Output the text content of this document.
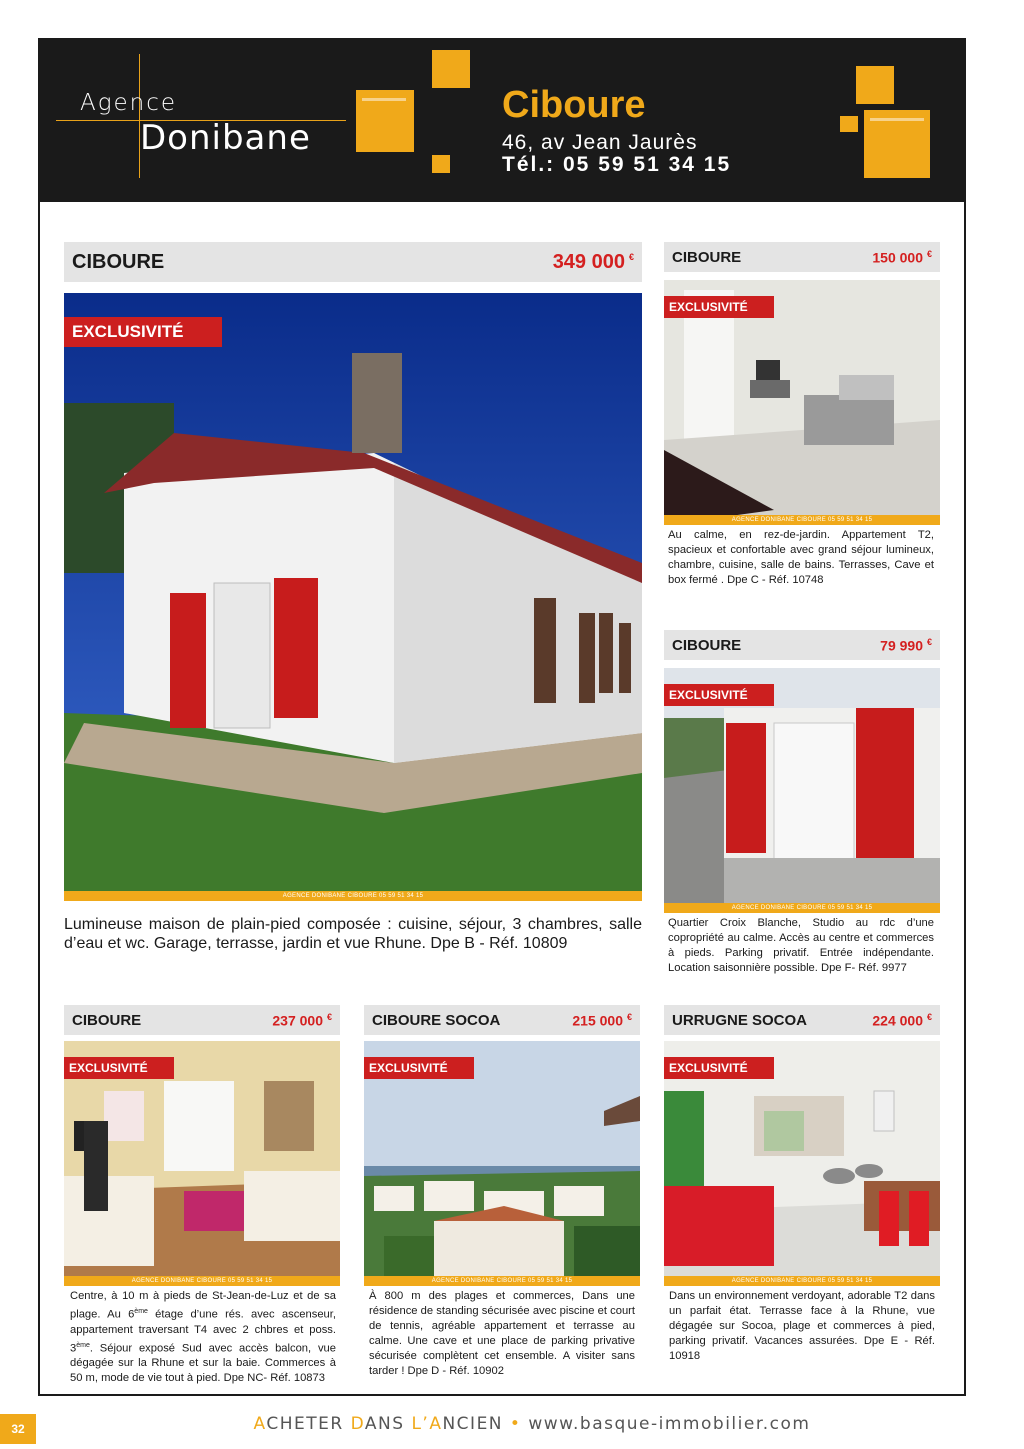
Agence
Donibane
Ciboure
46, av Jean Jaurès
Tél.: 05 59 51 34 15
CIBOURE	349 000 €
EXCLUSIVITÉ
AGENCE DONIBANE CIBOURE 05 59 51 34 15
Lumineuse maison de plain-pied composée : cuisine, séjour, 3 chambres, salle d’eau et wc. Garage, terrasse, jardin et vue Rhune. Dpe B - Réf. 10809
CIBOURE	150 000 €
EXCLUSIVITÉ
AGENCE DONIBANE CIBOURE 05 59 51 34 15
Au calme, en rez-de-jardin. Appartement T2, spacieux et confortable avec grand séjour lumineux, chambre, cuisine, salle de bains. Terrasses, Cave et box fermé . Dpe C - Réf. 10748
CIBOURE	79 990 €
EXCLUSIVITÉ
AGENCE DONIBANE CIBOURE 05 59 51 34 15
Quartier Croix Blanche, Studio au rdc d’une copropriété au calme. Accès au centre et commerces à pieds. Parking privatif. Entrée indépendante. Location saisonnière possible. Dpe F- Réf. 9977
CIBOURE	237 000 €
EXCLUSIVITÉ
AGENCE DONIBANE CIBOURE 05 59 51 34 15
Centre, à 10 m à pieds de St-Jean-de-Luz et de sa plage. Au 6ème étage d’une rés. avec ascenseur, appartement traversant T4 avec 2 chbres et poss. 3ème. Séjour exposé Sud avec accès balcon, vue dégagée sur la Rhune et sur la baie. Commerces à 50 m, mode de vie tout à pied. Dpe NC- Réf. 10873
CIBOURE SOCOA	215 000 €
EXCLUSIVITÉ
AGENCE DONIBANE CIBOURE 05 59 51 34 15
À 800 m des plages et commerces, Dans une résidence de standing sécurisée avec piscine et court de tennis, agréable appartement et terrasse au calme. Une cave et une place de parking privative sécurisée complètent cet ensemble. A visiter sans tarder ! Dpe D - Réf. 10902
URRUGNE SOCOA	224 000 €
EXCLUSIVITÉ
AGENCE DONIBANE CIBOURE 05 59 51 34 15
Dans un environnement verdoyant, adorable T2 dans un parfait état. Terrasse face à la Rhune, vue dégagée sur Socoa, plage et commerces à pied, parking privatif. Vacances assurées. Dpe E - Réf. 10918
ACHETER DANS L’ANCIEN • www.basque-immobilier.com
32
